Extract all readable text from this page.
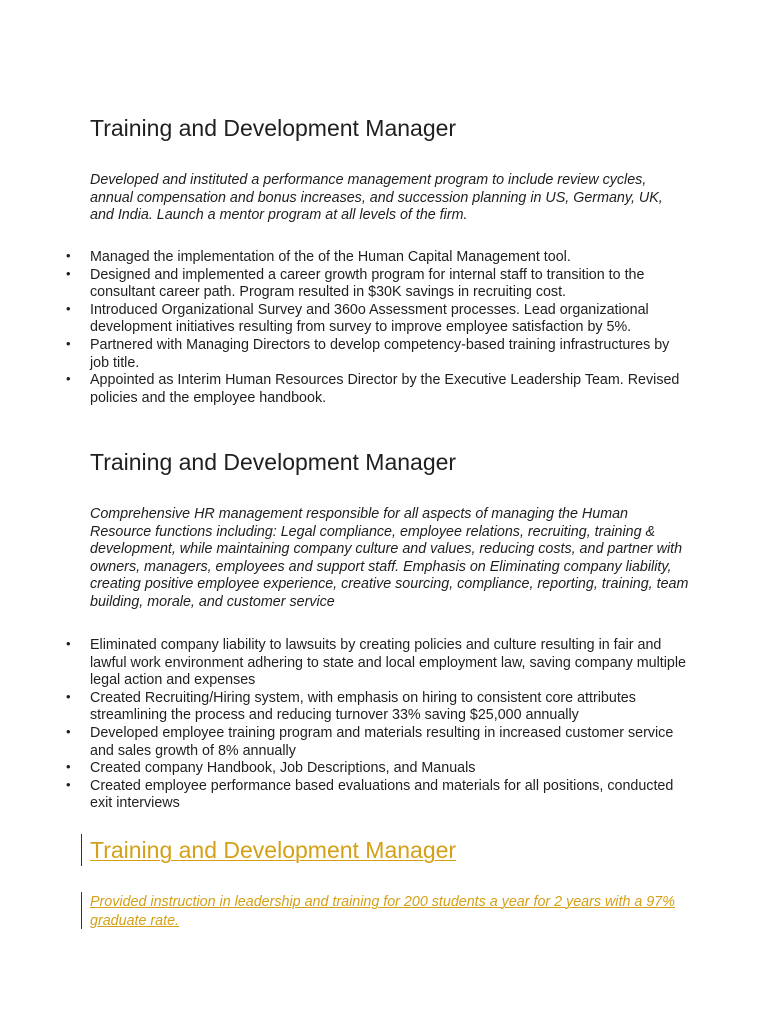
Training and Development Manager

Developed and instituted a performance management program to include review cycles, annual compensation and bonus increases, and succession planning in US, Germany, UK, and India. Launch a mentor program at all levels of the firm.

• Managed the implementation of the of the Human Capital Management tool.
• Designed and implemented a career growth program for internal staff to transition to the consultant career path. Program resulted in $30K savings in recruiting cost.
• Introduced Organizational Survey and 360o Assessment processes. Lead organizational development initiatives resulting from survey to improve employee satisfaction by 5%.
• Partnered with Managing Directors to develop competency-based training infrastructures by job title.
• Appointed as Interim Human Resources Director by the Executive Leadership Team. Revised policies and the employee handbook.
Training and Development Manager

Comprehensive HR management responsible for all aspects of managing the Human Resource functions including: Legal compliance, employee relations, recruiting, training & development, while maintaining company culture and values, reducing costs, and partner with owners, managers, employees and support staff. Emphasis on Eliminating company liability, creating positive employee experience, creative sourcing, compliance, reporting, training, team building, morale, and customer service

• Eliminated company liability to lawsuits by creating policies and culture resulting in fair and lawful work environment adhering to state and local employment law, saving company multiple legal action and expenses
• Created Recruiting/Hiring system, with emphasis on hiring to consistent core attributes streamlining the process and reducing turnover 33% saving $25,000 annually
• Developed employee training program and materials resulting in increased customer service and sales growth of 8% annually
• Created company Handbook, Job Descriptions, and Manuals
• Created employee performance based evaluations and materials for all positions, conducted exit interviews
Training and Development Manager

Provided instruction in leadership and training for 200 students a year for 2 years with a 97% graduate rate.
